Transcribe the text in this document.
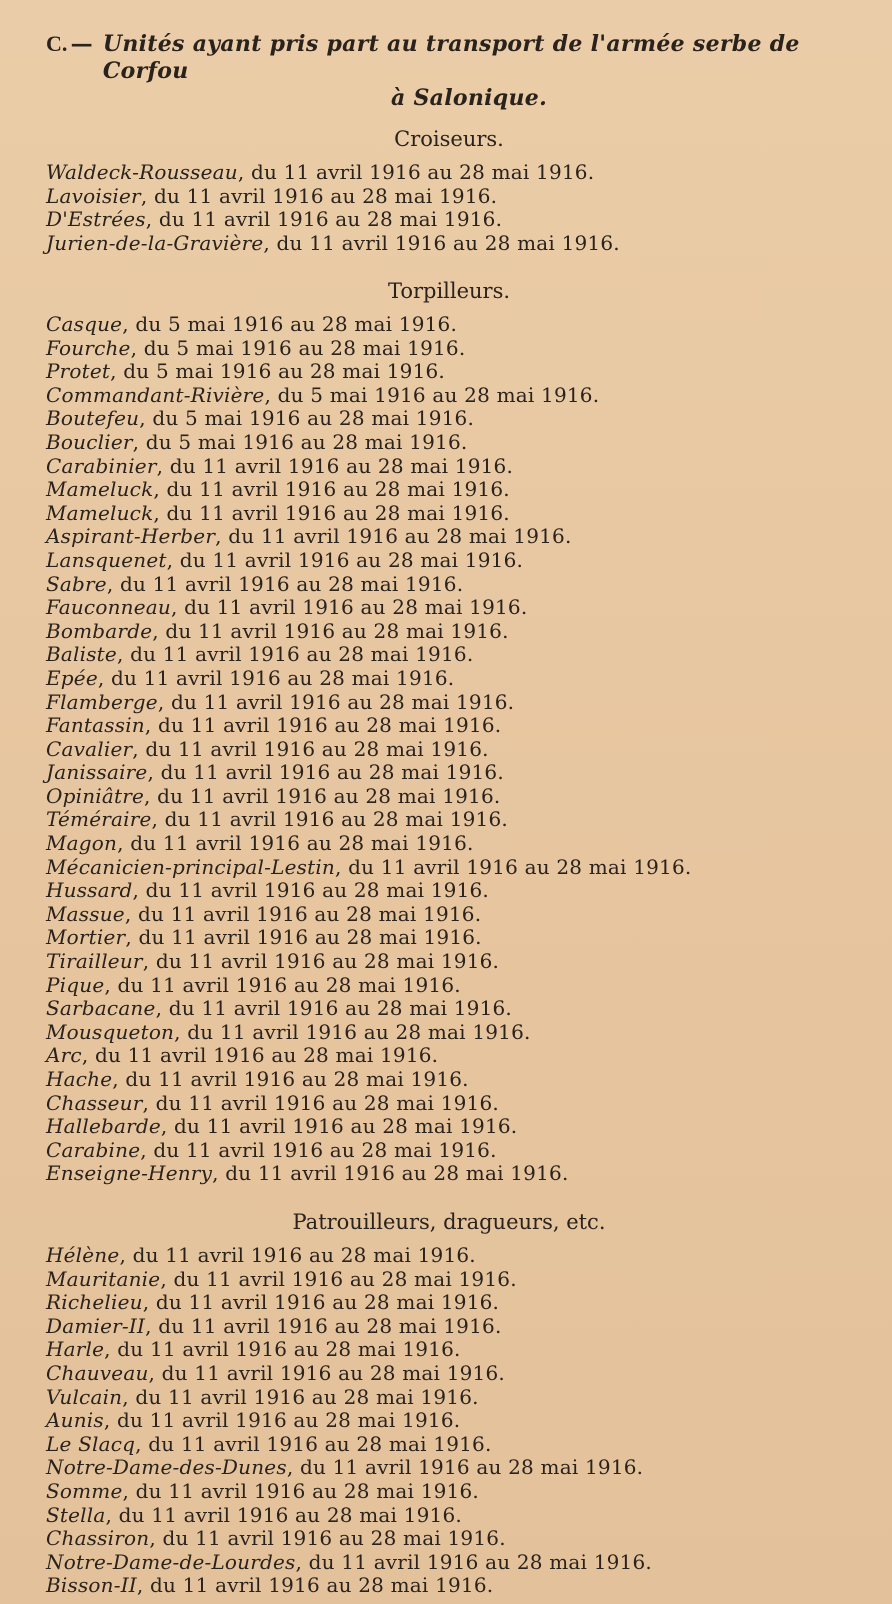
C. — Unités ayant pris part au transport de l'armée serbe de Corfou
à Salonique.
Croiseurs.
Waldeck-Rousseau, du 11 avril 1916 au 28 mai 1916.
Lavoisier, du 11 avril 1916 au 28 mai 1916.
D'Estrées, du 11 avril 1916 au 28 mai 1916.
Jurien-de-la-Gravière, du 11 avril 1916 au 28 mai 1916.
Torpilleurs.
Casque, du 5 mai 1916 au 28 mai 1916.
Fourche, du 5 mai 1916 au 28 mai 1916.
Protet, du 5 mai 1916 au 28 mai 1916.
Commandant-Rivière, du 5 mai 1916 au 28 mai 1916.
Boutefeu, du 5 mai 1916 au 28 mai 1916.
Bouclier, du 5 mai 1916 au 28 mai 1916.
Carabinier, du 11 avril 1916 au 28 mai 1916.
Mameluck, du 11 avril 1916 au 28 mai 1916.
Mameluck, du 11 avril 1916 au 28 mai 1916.
Aspirant-Herber, du 11 avril 1916 au 28 mai 1916.
Lansquenet, du 11 avril 1916 au 28 mai 1916.
Sabre, du 11 avril 1916 au 28 mai 1916.
Fauconneau, du 11 avril 1916 au 28 mai 1916.
Bombarde, du 11 avril 1916 au 28 mai 1916.
Baliste, du 11 avril 1916 au 28 mai 1916.
Epée, du 11 avril 1916 au 28 mai 1916.
Flamberge, du 11 avril 1916 au 28 mai 1916.
Fantassin, du 11 avril 1916 au 28 mai 1916.
Cavalier, du 11 avril 1916 au 28 mai 1916.
Janissaire, du 11 avril 1916 au 28 mai 1916.
Opiniâtre, du 11 avril 1916 au 28 mai 1916.
Téméraire, du 11 avril 1916 au 28 mai 1916.
Magon, du 11 avril 1916 au 28 mai 1916.
Mécanicien-principal-Lestin, du 11 avril 1916 au 28 mai 1916.
Hussard, du 11 avril 1916 au 28 mai 1916.
Massue, du 11 avril 1916 au 28 mai 1916.
Mortier, du 11 avril 1916 au 28 mai 1916.
Tirailleur, du 11 avril 1916 au 28 mai 1916.
Pique, du 11 avril 1916 au 28 mai 1916.
Sarbacane, du 11 avril 1916 au 28 mai 1916.
Mousqueton, du 11 avril 1916 au 28 mai 1916.
Arc, du 11 avril 1916 au 28 mai 1916.
Hache, du 11 avril 1916 au 28 mai 1916.
Chasseur, du 11 avril 1916 au 28 mai 1916.
Hallebarde, du 11 avril 1916 au 28 mai 1916.
Carabine, du 11 avril 1916 au 28 mai 1916.
Enseigne-Henry, du 11 avril 1916 au 28 mai 1916.
Patrouilleurs, dragueurs, etc.
Hélène, du 11 avril 1916 au 28 mai 1916.
Mauritanie, du 11 avril 1916 au 28 mai 1916.
Richelieu, du 11 avril 1916 au 28 mai 1916.
Damier-II, du 11 avril 1916 au 28 mai 1916.
Harle, du 11 avril 1916 au 28 mai 1916.
Chauveau, du 11 avril 1916 au 28 mai 1916.
Vulcain, du 11 avril 1916 au 28 mai 1916.
Aunis, du 11 avril 1916 au 28 mai 1916.
Le Slacq, du 11 avril 1916 au 28 mai 1916.
Notre-Dame-des-Dunes, du 11 avril 1916 au 28 mai 1916.
Somme, du 11 avril 1916 au 28 mai 1916.
Stella, du 11 avril 1916 au 28 mai 1916.
Chassiron, du 11 avril 1916 au 28 mai 1916.
Notre-Dame-de-Lourdes, du 11 avril 1916 au 28 mai 1916.
Bisson-II, du 11 avril 1916 au 28 mai 1916.
